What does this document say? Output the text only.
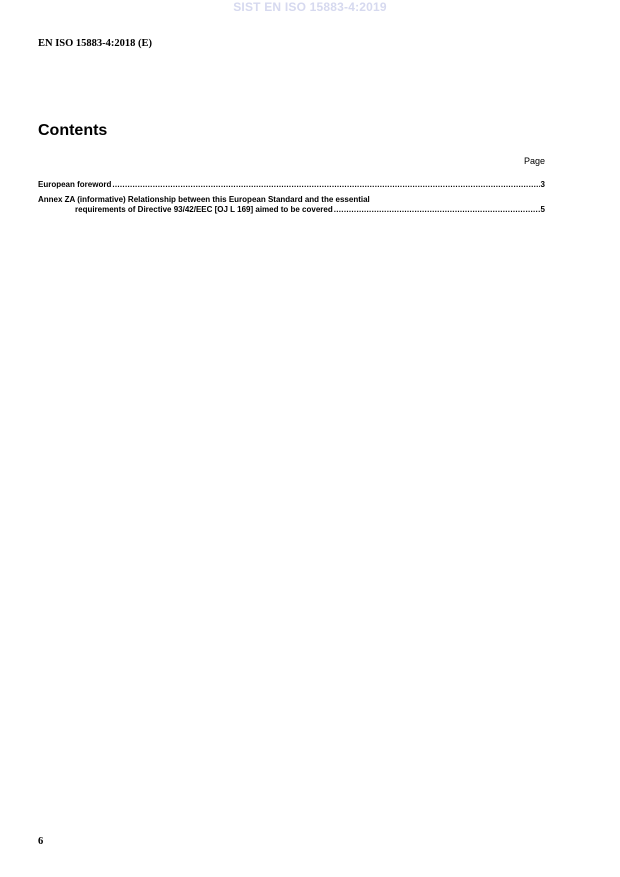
SIST EN ISO 15883-4:2019
EN ISO 15883-4:2018 (E)
Contents
Page
European foreword .....	3
Annex ZA (informative) Relationship between this European Standard and the essential
requirements of Directive 93/42/EEC [OJ L 169] aimed to be covered .....	5
6
